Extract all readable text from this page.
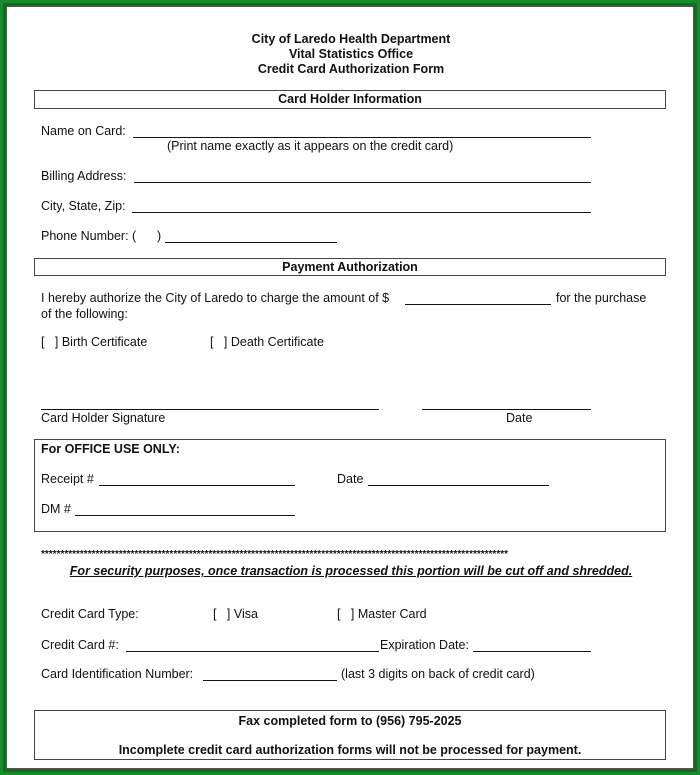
City of Laredo Health Department
Vital Statistics Office
Credit Card Authorization Form
Card Holder Information
Name on Card:
(Print name exactly as it appears on the credit card)
Billing Address:
City, State, Zip:
Phone Number: (      )
Payment Authorization
I hereby authorize the City of Laredo to charge the amount of $	for the purchase
of the following:
[   ] Birth Certificate	[   ] Death Certificate
Card Holder Signature	Date
For OFFICE USE ONLY:
Receipt #	Date
DM #
************************************************************************************************************************
For security purposes, once transaction is processed this portion will be cut off and shredded.
Credit Card Type:	[   ] Visa	[   ] Master Card
Credit Card #:	Expiration Date:
Card Identification Number:	(last 3 digits on back of credit card)
Fax completed form to (956) 795-2025
Incomplete credit card authorization forms will not be processed for payment.
